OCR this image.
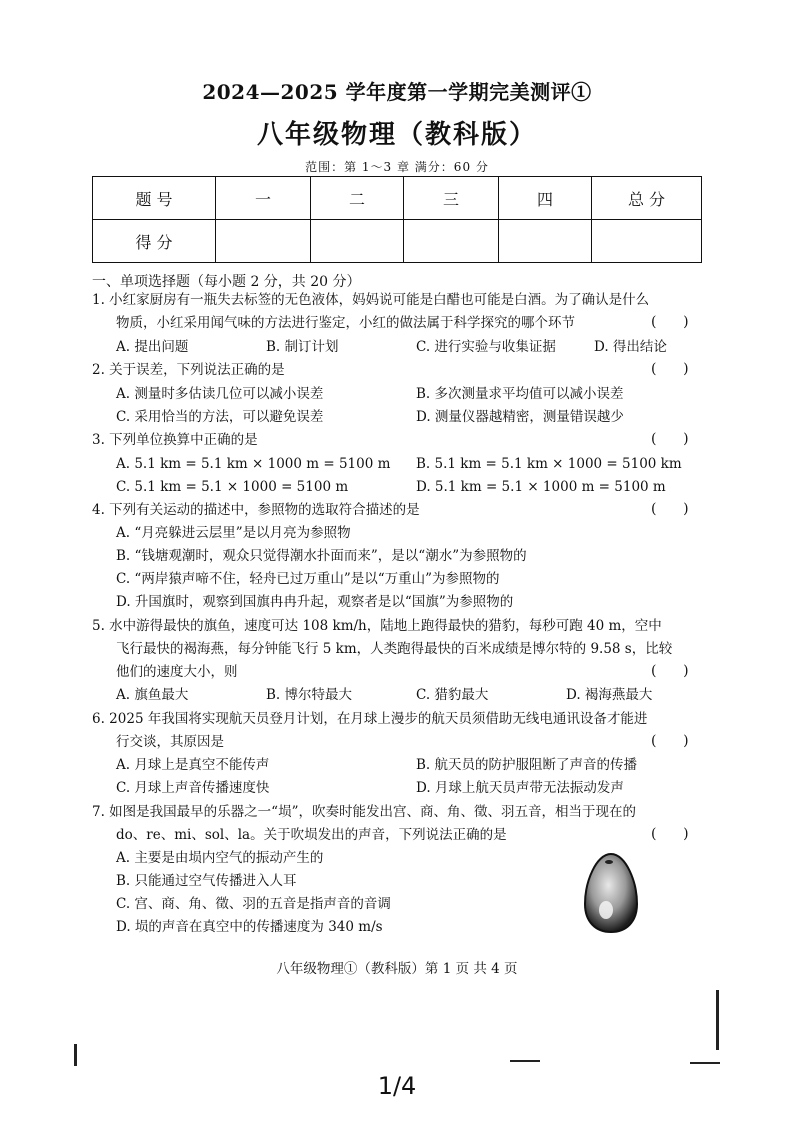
2024—2025 学年度第一学期完美测评①
八年级物理（教科版）
范围：第 1～3 章 满分：60 分
题 号	一	二	三	四	总 分
得 分					
一、单项选择题（每小题 2 分，共 20 分）
1. 小红家厨房有一瓶失去标签的无色液体，妈妈说可能是白醋也可能是白酒。为了确认是什么
物质，小红采用闻气味的方法进行鉴定，小红的做法属于科学探究的哪个环节	(      )
A. 提出问题	B. 制订计划	C. 进行实验与收集证据	D. 得出结论
2. 关于误差，下列说法正确的是	(      )
A. 测量时多估读几位可以减小误差	B. 多次测量求平均值可以减小误差
C. 采用恰当的方法，可以避免误差	D. 测量仪器越精密，测量错误越少
3. 下列单位换算中正确的是	(      )
A. 5.1 km = 5.1 km × 1000 m = 5100 m B. 5.1 km = 5.1 km × 1000 = 5100 km
C. 5.1 km = 5.1 × 1000 = 5100 m	D. 5.1 km = 5.1 × 1000 m = 5100 m
4. 下列有关运动的描述中，参照物的选取符合描述的是	(      )
A. “月亮躲进云层里”是以月亮为参照物
B. “钱塘观潮时，观众只觉得潮水扑面而来”，是以“潮水”为参照物的
C. “两岸猿声啼不住，轻舟已过万重山”是以“万重山”为参照物的
D. 升国旗时，观察到国旗冉冉升起，观察者是以“国旗”为参照物的
5. 水中游得最快的旗鱼，速度可达 108 km/h，陆地上跑得最快的猎豹，每秒可跑 40 m，空中
飞行最快的褐海燕，每分钟能飞行 5 km，人类跑得最快的百米成绩是博尔特的 9.58 s，比较
他们的速度大小，则	(      )
A. 旗鱼最大	B. 博尔特最大	C. 猎豹最大	D. 褐海燕最大
6. 2025 年我国将实现航天员登月计划，在月球上漫步的航天员须借助无线电通讯设备才能进
行交谈，其原因是	(      )
A. 月球上是真空不能传声	B. 航天员的防护服阻断了声音的传播
C. 月球上声音传播速度快	D. 月球上航天员声带无法振动发声
7. 如图是我国最早的乐器之一“埙”，吹奏时能发出宫、商、角、徵、羽五音，相当于现在的
do、re、mi、sol、la。关于吹埙发出的声音，下列说法正确的是	(      )
A. 主要是由埙内空气的振动产生的
B. 只能通过空气传播进入人耳
C. 宫、商、角、徵、羽的五音是指声音的音调
D. 埙的声音在真空中的传播速度为 340 m/s
八年级物理①（教科版）第 1 页 共 4 页
1/4
